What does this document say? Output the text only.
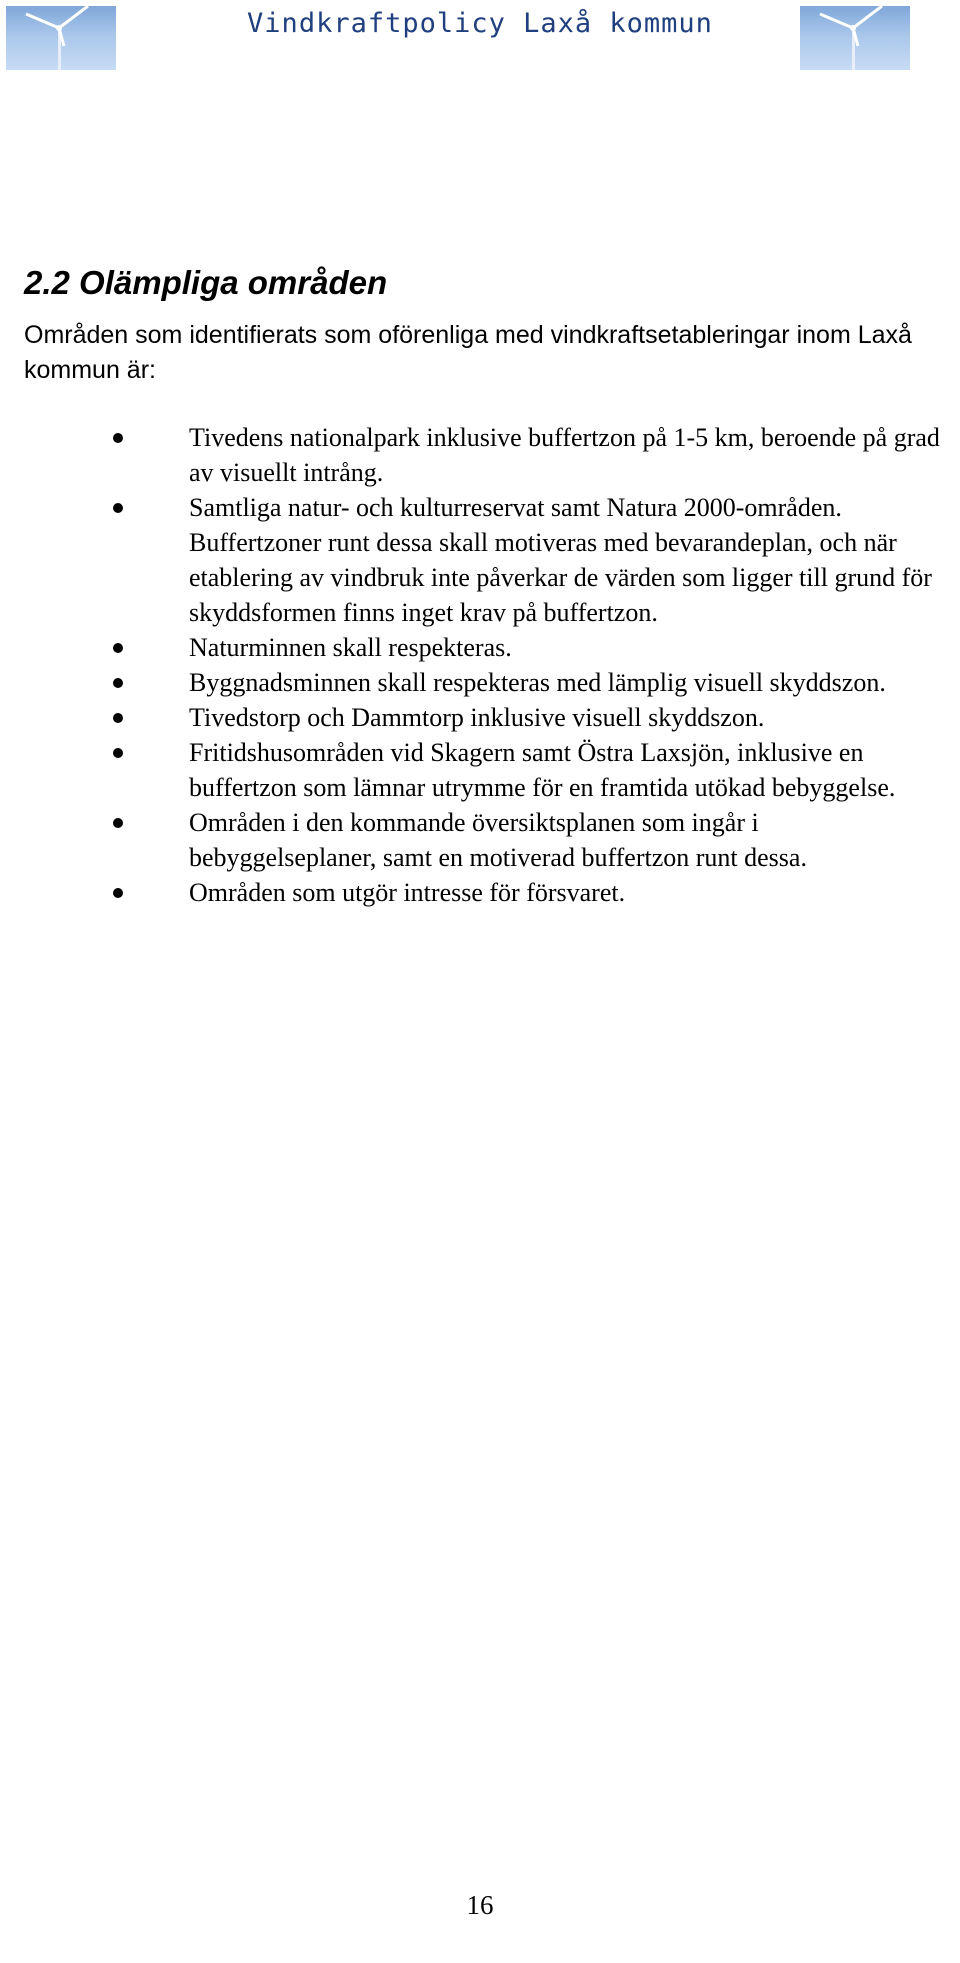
Vindkraftpolicy Laxå kommun
2.2 Olämpliga områden
Områden som identifierats som oförenliga med vindkraftsetableringar inom Laxå kommun är:
Tivedens nationalpark inklusive buffertzon på 1-5 km, beroende på grad av visuellt intrång.
Samtliga natur- och kulturreservat samt Natura 2000-områden. Buffertzoner runt dessa skall motiveras med bevarandeplan, och när etablering av vindbruk inte påverkar de värden som ligger till grund för skyddsformen finns inget krav på buffertzon.
Naturminnen skall respekteras.
Byggnadsminnen skall respekteras med lämplig visuell skyddszon.
Tivedstorp och Dammtorp inklusive visuell skyddszon.
Fritidshusområden vid Skagern samt Östra Laxsjön, inklusive en buffertzon som lämnar utrymme för en framtida utökad bebyggelse.
Områden i den kommande översiktsplanen som ingår i bebyggelseplaner, samt en motiverad buffertzon runt dessa.
Områden som utgör intresse för försvaret.
16
